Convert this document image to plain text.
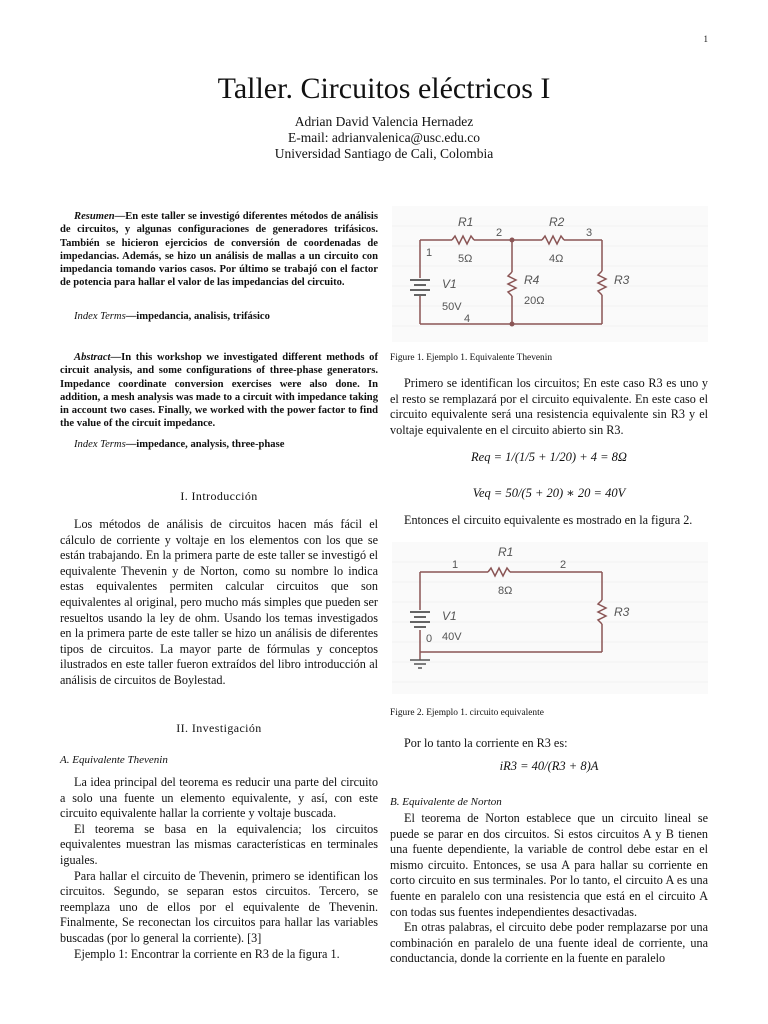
1
Taller. Circuitos eléctricos I
Adrian David Valencia Hernadez
E-mail: adrianvalenica@usc.edu.co
Universidad Santiago de Cali, Colombia

Resumen—En este taller se investigó diferentes métodos de análisis de circuitos, y algunas configuraciones de generadores trifásicos. También se hicieron ejercicios de conversión de coordenadas de impedancias. Además, se hizo un análisis de mallas a un circuito con impedancia tomando varios casos. Por último se trabajó con el factor de potencia para hallar el valor de las impedancias del circuito.

Index Terms—impedancia, analisis, trifásico

Abstract—In this workshop we investigated different methods of circuit analysis, and some configurations of three-phase generators. Impedance coordinate conversion exercises were also done. In addition, a mesh analysis was made to a circuit with impedance taking in account two cases. Finally, we worked with the power factor to find the value of the circuit impedance.

Index Terms—impedance, analysis, three-phase

I. Introducción

Los métodos de análisis de circuitos hacen más fácil el cálculo de corriente y voltaje en los elementos con los que se están trabajando. En la primera parte de este taller se investigó el equivalente Thevenin y de Norton, como su nombre lo indica estas equivalentes permiten calcular circuitos que son equivalentes al original, pero mucho más simples que pueden ser resueltos usando la ley de ohm. Usando los temas investigados en la primera parte de este taller se hizo un análisis de diferentes tipos de circuitos. La mayor parte de fórmulas y conceptos ilustrados en este taller fueron extraídos del libro introducción al análisis de circuitos de Boylestad.

II. Investigación
A. Equivalente Thevenin

La idea principal del teorema es reducir una parte del circuito a solo una fuente un elemento equivalente, y así, con este circuito equivalente hallar la corriente y voltaje buscada.

El teorema se basa en la equivalencia; los circuitos equivalentes muestran las mismas características en terminales iguales.

Para hallar el circuito de Thevenin, primero se identifican los circuitos. Segundo, se separan estos circuitos. Tercero, se reemplaza uno de ellos por el equivalente de Thevenin. Finalmente, Se reconectan los circuitos para hallar las variables buscadas (por lo general la corriente). [3]

Ejemplo 1: Encontrar la corriente en R3 de la figura 1.

R1
5Ω
R2
4Ω
R3
R4
20Ω
V1
50V
1
2	3
4
Figure 1. Ejemplo 1. Equivalente Thevenin

Primero se identifican los circuitos; En este caso R3 es uno y el resto se remplazará por el circuito equivalente. En este caso el circuito equivalente será una resistencia equivalente sin R3 y el voltaje equivalente en el circuito abierto sin R3.

Req = 1/(1/5 + 1/20) + 4 = 8Ω
Veq = 50/(5 + 20) ∗ 20 = 40V

Entonces el circuito equivalente es mostrado en la figura 2.

R1
8Ω
R3
V1
40V
1	2
0
Figure 2. Ejemplo 1. circuito equivalente

Por lo tanto la corriente en R3 es:

iR3 = 40/(R3 + 8)A
B. Equivalente de Norton

El teorema de Norton establece que un circuito lineal se puede se parar en dos circuitos. Si estos circuitos A y B tienen una fuente dependiente, la variable de control debe estar en el mismo circuito. Entonces, se usa A para hallar su corriente en corto circuito en sus terminales. Por lo tanto, el circuito A es una fuente en paralelo con una resistencia que está en el circuito A con todas sus fuentes independientes desactivadas.

En otras palabras, el circuito debe poder remplazarse por una combinación en paralelo de una fuente ideal de corriente, una conductancia, donde la corriente en la fuente en paralelo
